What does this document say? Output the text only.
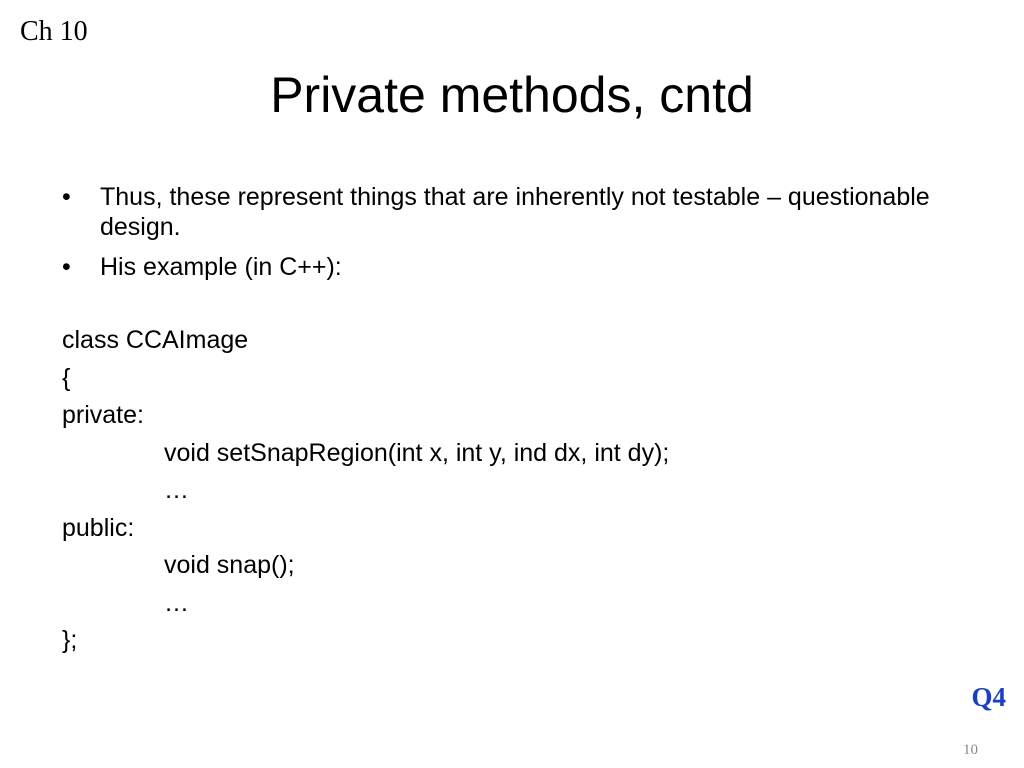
Ch 10
Private methods, cntd
• Thus, these represent things that are inherently not testable – questionable design.
• His example (in C++):
class CCAImage
{
private:
void setSnapRegion(int x, int y, ind dx, int dy);
…
public:
void snap();
…
};
Q4
10
